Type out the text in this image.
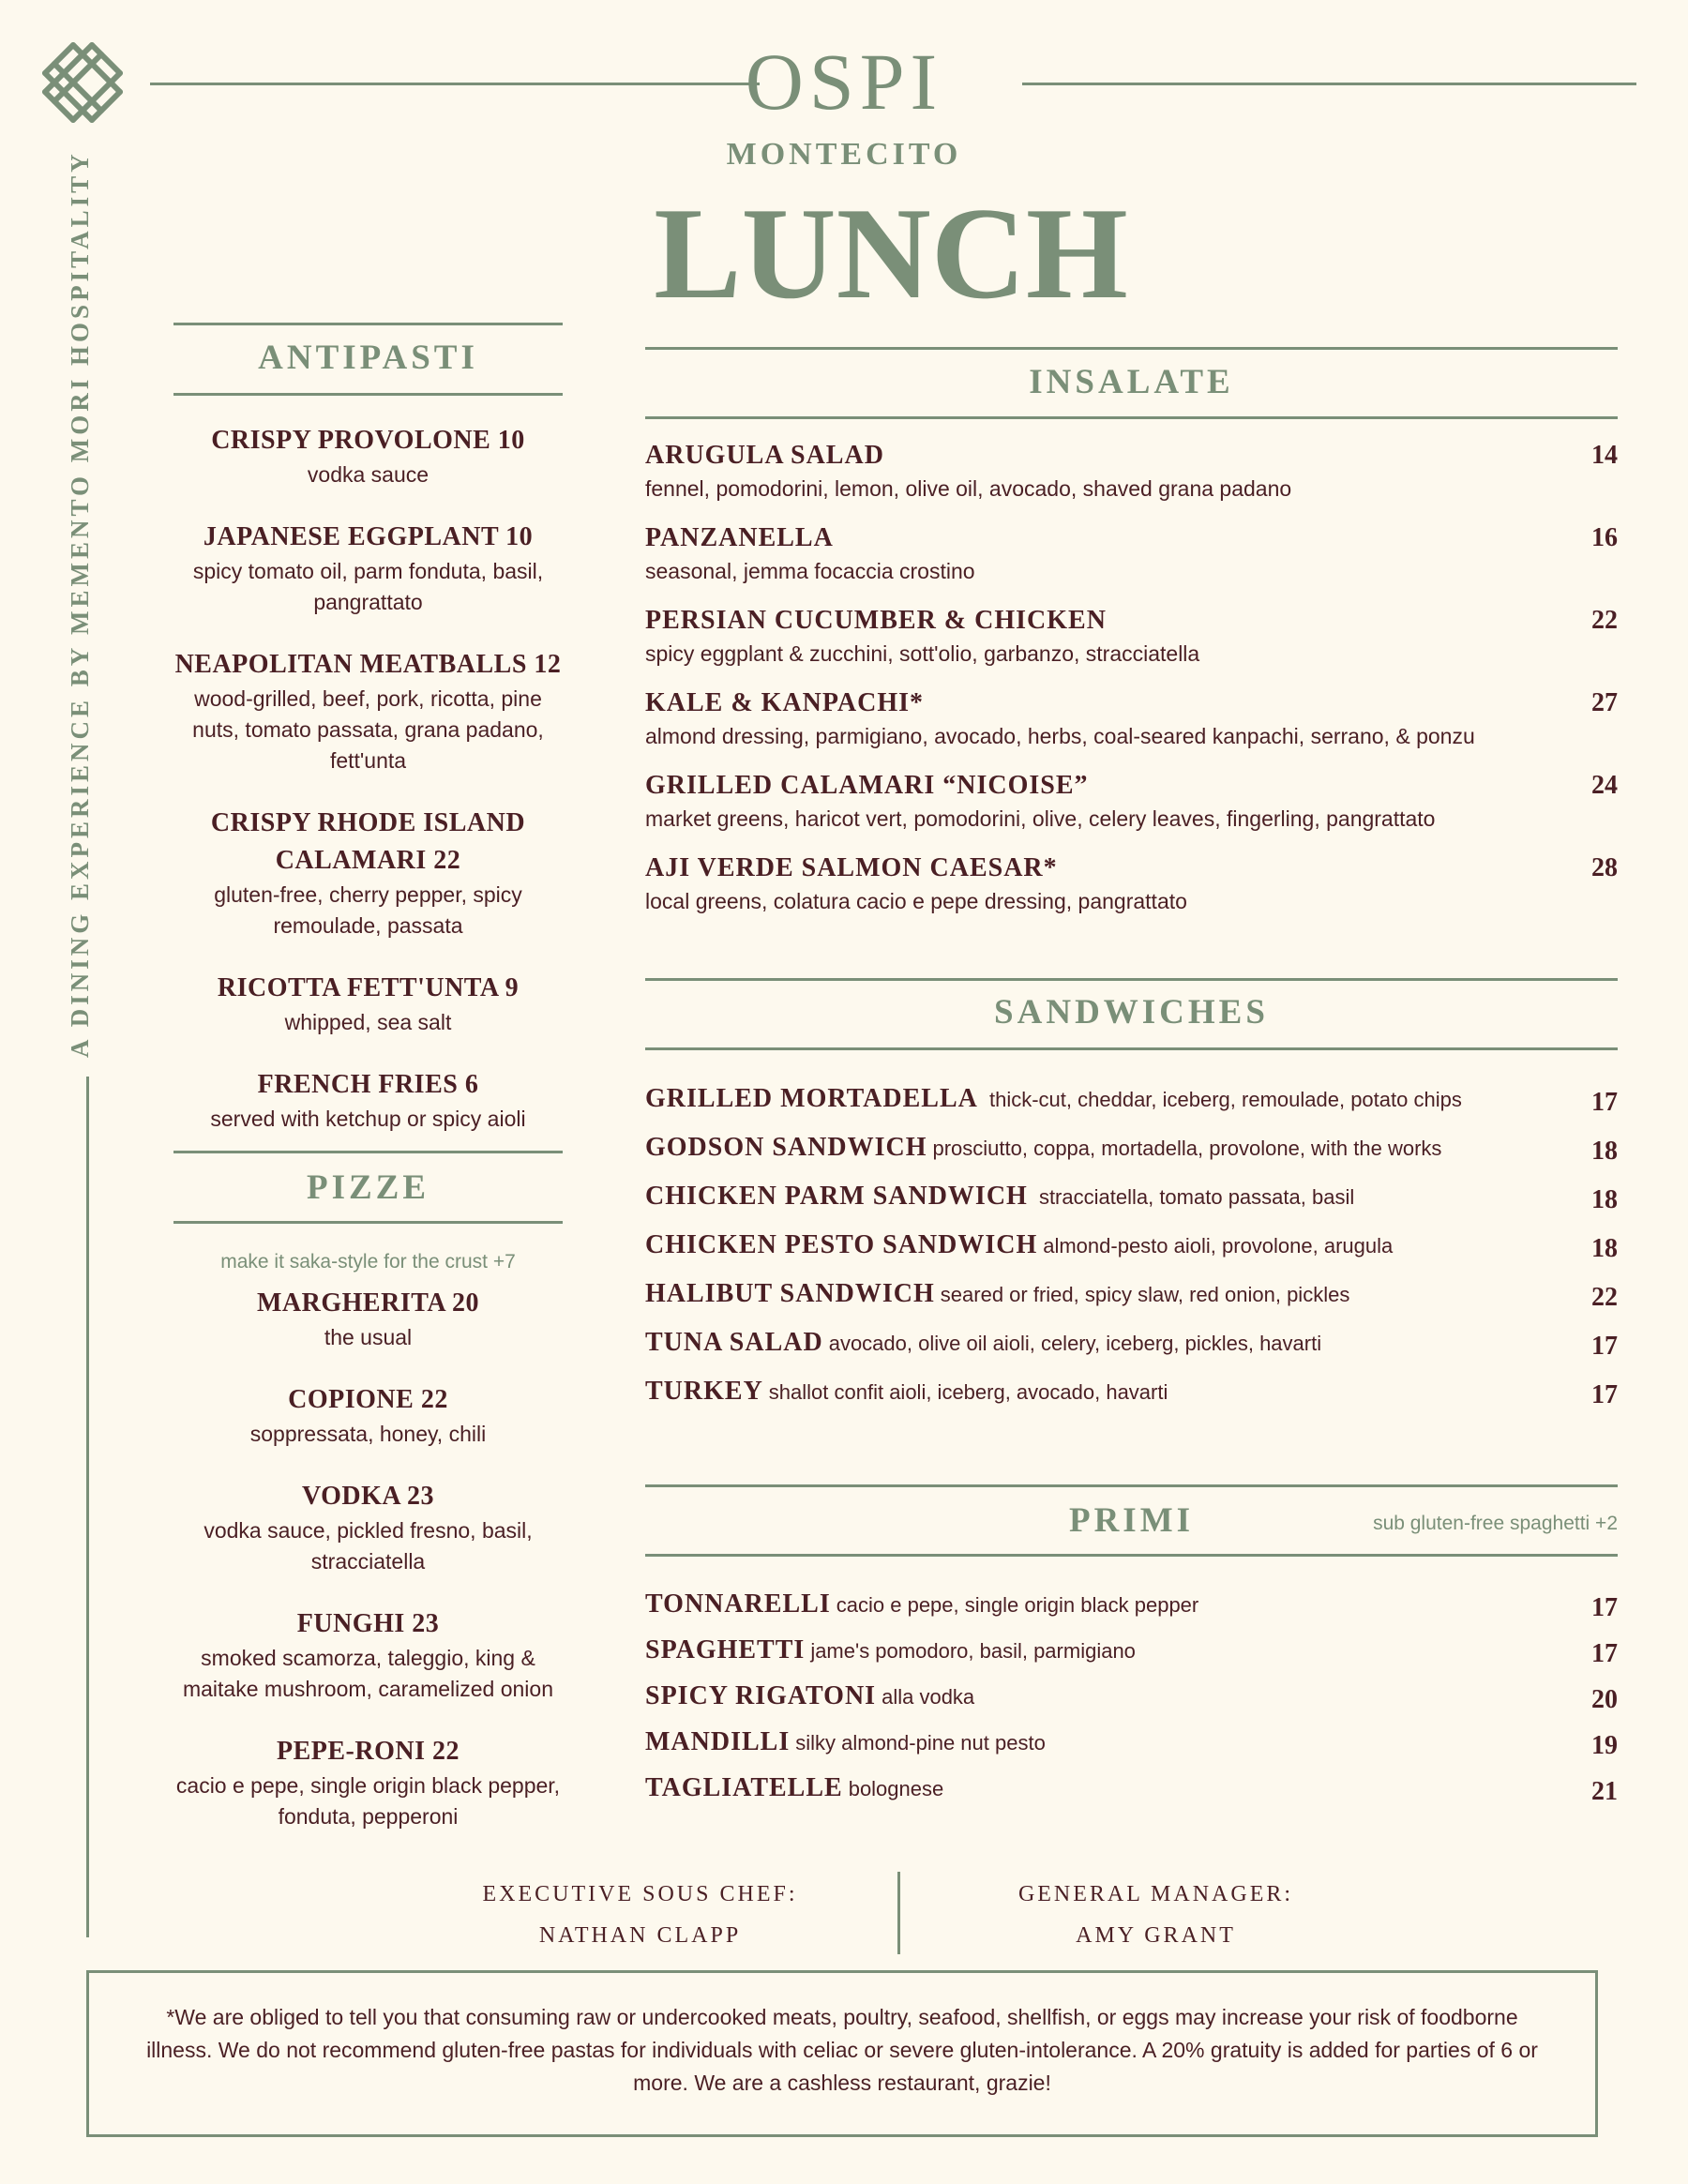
OSPI
MONTECITO
LUNCH
A DINING EXPERIENCE BY MEMENTO MORI HOSPITALITY	ANTIPASTI
CRISPY PROVOLONE 10
vodka sauce
JAPANESE EGGPLANT 10
spicy tomato oil, parm fonduta, basil, pangrattato
NEAPOLITAN MEATBALLS 12
wood-grilled, beef, pork, ricotta, pine nuts, tomato passata, grana padano, fett'unta
CRISPY RHODE ISLAND CALAMARI 22
gluten-free, cherry pepper, spicy remoulade, passata
RICOTTA FETT'UNTA 9
whipped, sea salt
FRENCH FRIES 6
served with ketchup or spicy aioli
PIZZE
make it saka-style for the crust +7
MARGHERITA 20
the usual
COPIONE 22
soppressata, honey, chili
VODKA 23
vodka sauce, pickled fresno, basil, stracciatella
FUNGHI 23
smoked scamorza, taleggio, king & maitake mushroom, caramelized onion
PEPE-RONI 22
cacio e pepe, single origin black pepper, fonduta, pepperoni
INSALATE
ARUGULA SALAD
fennel, pomodorini, lemon, olive oil, avocado, shaved grana padano
14
PANZANELLA
seasonal, jemma focaccia crostino
16
PERSIAN CUCUMBER & CHICKEN
spicy eggplant & zucchini, sott'olio, garbanzo, stracciatella
22
KALE & KANPACHI*
almond dressing, parmigiano, avocado, herbs, coal-seared kanpachi, serrano, & ponzu
27
GRILLED CALAMARI “NICOISE”
market greens, haricot vert, pomodorini, olive, celery leaves, fingerling, pangrattato
24
AJI VERDE SALMON CAESAR*
local greens, colatura cacio e pepe dressing, pangrattato
28
SANDWICHES
GRILLED MORTADELLA thick-cut, cheddar, iceberg, remoulade, potato chips	17
GODSON SANDWICH prosciutto, coppa, mortadella, provolone, with the works	18
CHICKEN PARM SANDWICH stracciatella, tomato passata, basil	18
CHICKEN PESTO SANDWICH almond-pesto aioli, provolone, arugula	18
HALIBUT SANDWICH seared or fried, spicy slaw, red onion, pickles	22
TUNA SALAD avocado, olive oil aioli, celery, iceberg, pickles, havarti	17
TURKEY shallot confit aioli, iceberg, avocado, havarti	17
PRIMI	sub gluten-free spaghetti +2
TONNARELLI cacio e pepe, single origin black pepper	17
SPAGHETTI jame's pomodoro, basil, parmigiano	17
SPICY RIGATONI alla vodka	20
MANDILLI silky almond-pine nut pesto	19
TAGLIATELLE bolognese	21
EXECUTIVE SOUS CHEF:
NATHAN CLAPP
GENERAL MANAGER:
AMY GRANT
*We are obliged to tell you that consuming raw or undercooked meats, poultry, seafood, shellfish, or eggs may increase your risk of foodborne illness. We do not recommend gluten-free pastas for individuals with celiac or severe gluten-intolerance. A 20% gratuity is added for parties of 6 or more. We are a cashless restaurant, grazie!
